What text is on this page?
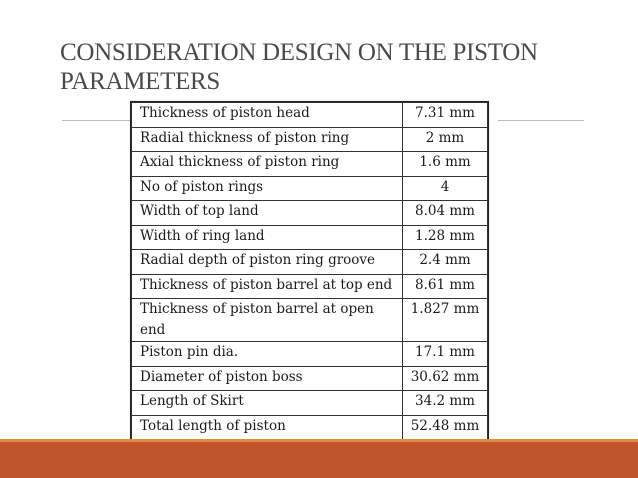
CONSIDERATION DESIGN ON THE PISTON PARAMETERS
Thickness of piston head	7.31 mm
Radial thickness of piston ring	2 mm
Axial thickness of piston ring	1.6 mm
No of piston rings	4
Width of top land	8.04 mm
Width of ring land	1.28 mm
Radial depth of piston ring groove	2.4 mm
Thickness of piston barrel at top end	8.61 mm
Thickness of piston barrel at open end	1.827 mm
Piston pin dia.	17.1 mm
Diameter of piston boss	30.62 mm
Length of Skirt	34.2 mm
Total length of piston	52.48 mm
